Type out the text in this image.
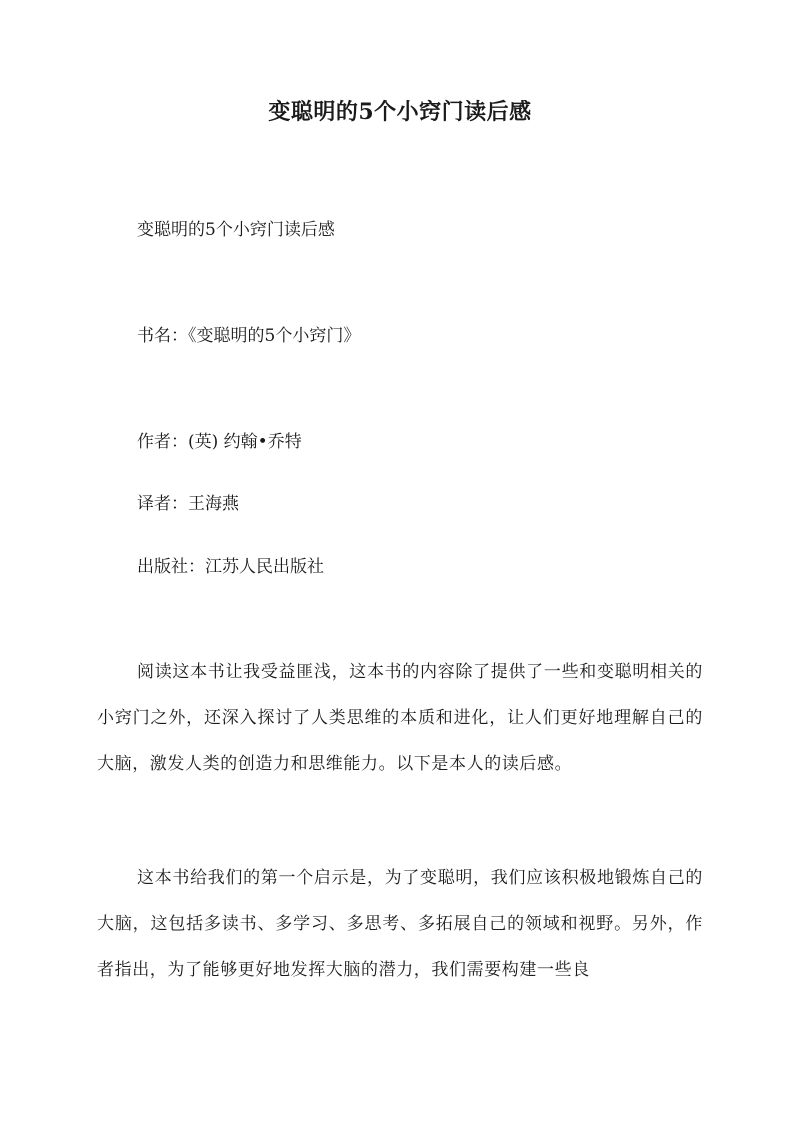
变聪明的5个小窍门读后感
变聪明的5个小窍门读后感
书名：《变聪明的5个小窍门》
作者：(英) 约翰•乔特
译者：王海燕
出版社：江苏人民出版社

阅读这本书让我受益匪浅，这本书的内容除了提供了一些和变聪明相关的小窍门之外，还深入探讨了人类思维的本质和进化，让人们更好地理解自己的大脑，激发人类的创造力和思维能力。以下是本人的读后感。

这本书给我们的第一个启示是，为了变聪明，我们应该积极地锻炼自己的大脑，这包括多读书、多学习、多思考、多拓展自己的领域和视野。另外，作者指出，为了能够更好地发挥大脑的潜力，我们需要构建一些良
